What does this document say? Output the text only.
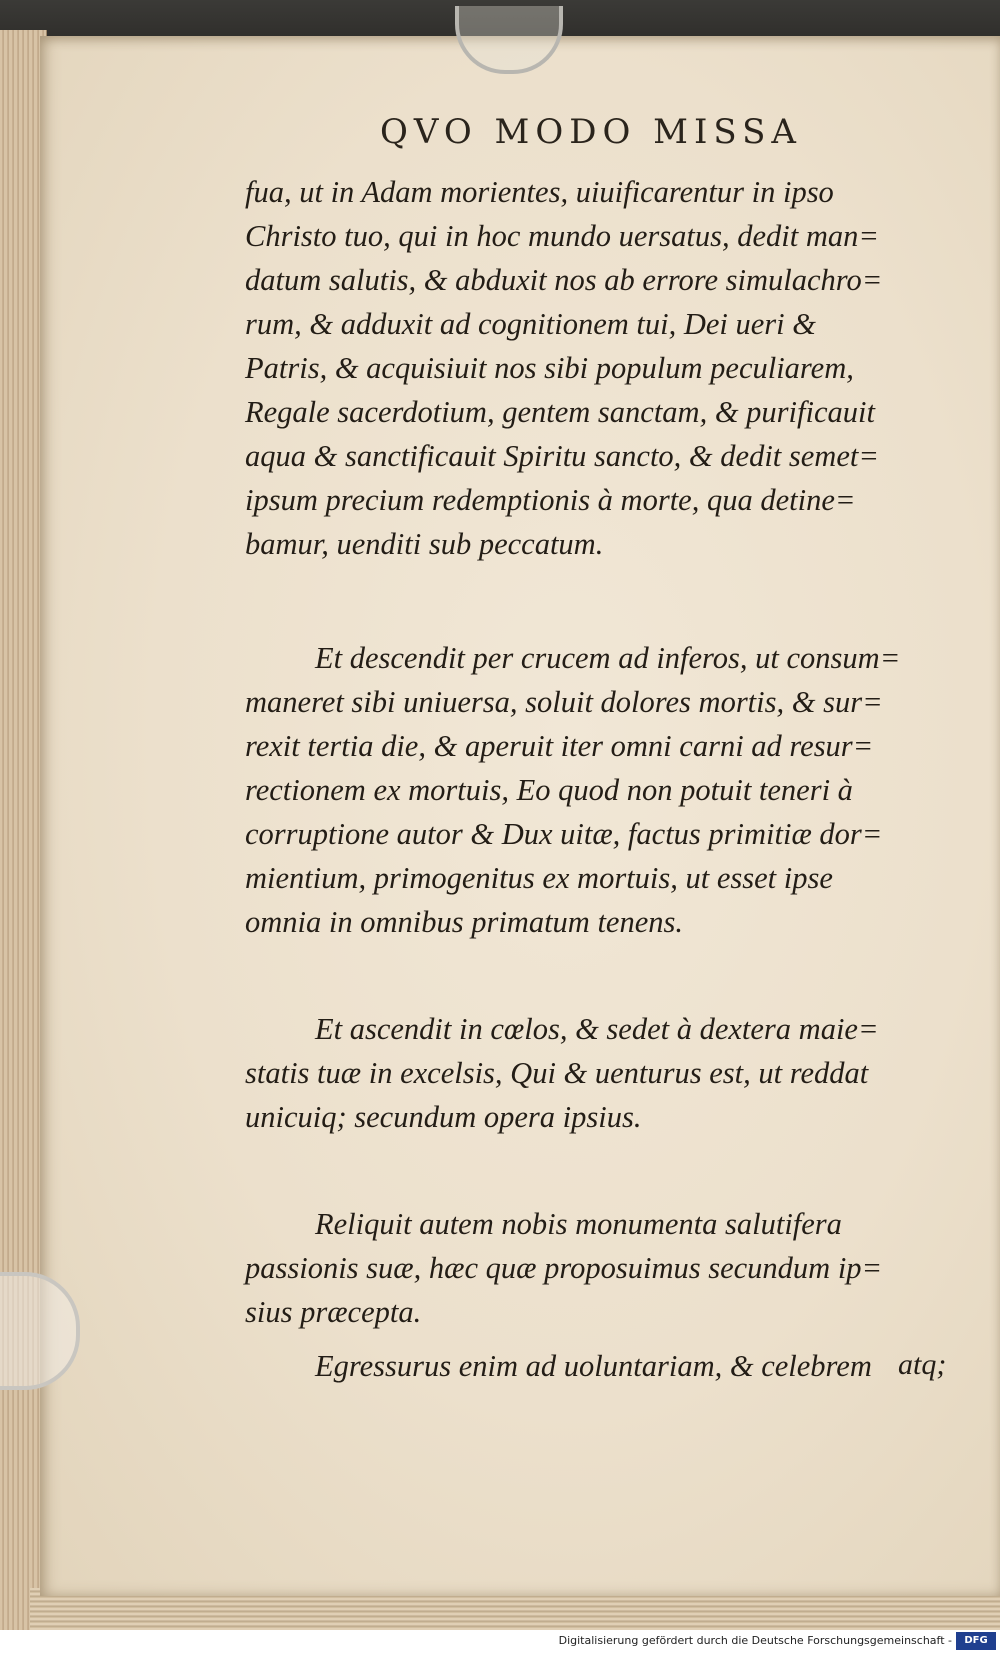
QVO MODO MISSA
fua, ut in Adam morientes, uiuificarentur in ipso
Christo tuo, qui in hoc mundo uersatus, dedit man=
datum salutis, & abduxit nos ab errore simulachro=
rum, & adduxit ad cognitionem tui, Dei ueri &
Patris, & acquisiuit nos sibi populum peculiarem,
Regale sacerdotium, gentem sanctam, & purificauit
aqua & sanctificauit Spiritu sancto, & dedit semet=
ipsum precium redemptionis à morte, qua detine=
bamur, uenditi sub peccatum.
Et descendit per crucem ad inferos, ut consum=
maneret sibi uniuersa, soluit dolores mortis, & sur=
rexit tertia die, & aperuit iter omni carni ad resur=
rectionem ex mortuis, Eo quod non potuit teneri à
corruptione autor & Dux uitæ, factus primitiæ dor=
mientium, primogenitus ex mortuis, ut esset ipse
omnia in omnibus primatum tenens.
Et ascendit in cœlos, & sedet à dextera maie=
statis tuæ in excelsis, Qui & uenturus est, ut reddat
unicuiq; secundum opera ipsius.
Reliquit autem nobis monumenta salutifera
passionis suæ, hæc quæ proposuimus secundum ip=
sius præcepta.
Egressurus enim ad uoluntariam, & celebrem atq;
Digitalisierung gefördert durch die Deutsche Forschungsgemeinschaft -	DFG
